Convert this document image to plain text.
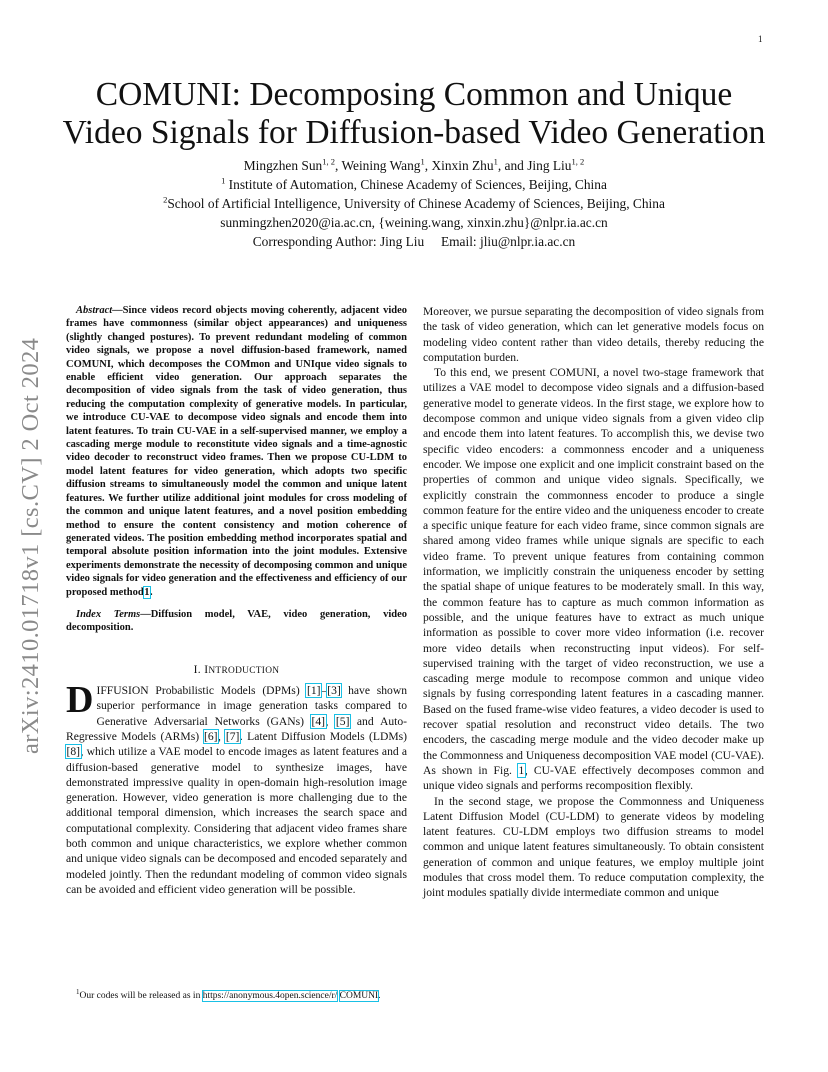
1
arXiv:2410.01718v1 [cs.CV] 2 Oct 2024
COMUNI: Decomposing Common and Unique
Video Signals for Diffusion-based Video Generation
Mingzhen Sun$^{1, 2}$, Weining Wang$^1$, Xinxin Zhu$^1$, and Jing Liu$^{1, 2}$
$^1$ Institute of Automation, Chinese Academy of Sciences, Beijing, China
$^2$School of Artificial Intelligence, University of Chinese Academy of Sciences, Beijing, China
sunmingzhen2020@ia.ac.cn, {weining.wang, xinxin.zhu}@nlpr.ia.ac.cn
Corresponding Author: Jing Liu     Email: jliu@nlpr.ia.ac.cn

Abstract—Since videos record objects moving coherently, adjacent video frames have commonness (similar object appearances) and uniqueness (slightly changed postures). To prevent redundant modeling of common video signals, we propose a novel diffusion-based framework, named COMUNI, which decomposes the COMmon and UNIque video signals to enable efficient video generation. Our approach separates the decomposition of video signals from the task of video generation, thus reducing the computation complexity of generative models. In particular, we introduce CU-VAE to decompose video signals and encode them into latent features. To train CU-VAE in a self-supervised manner, we employ a cascading merge module to reconstitute video signals and a time-agnostic video decoder to reconstruct video frames. Then we propose CU-LDM to model latent features for video generation, which adopts two specific diffusion streams to simultaneously model the common and unique latent features. We further utilize additional joint modules for cross modeling of the common and unique latent features, and a novel position embedding method to ensure the content consistency and motion coherence of generated videos. The position embedding method incorporates spatial and temporal absolute position information into the joint modules. Extensive experiments demonstrate the necessity of decomposing common and unique video signals for video generation and the effectiveness and efficiency of our proposed method1.

Index Terms—Diffusion model, VAE, video generation, video decomposition.

I. INTRODUCTION

DIFFUSION Probabilistic Models (DPMs) [1]–[3] have shown superior performance in image generation tasks compared to Generative Adversarial Networks (GANs) [4], [5] and Auto-Regressive Models (ARMs) [6], [7]. Latent Diffusion Models (LDMs) [8], which utilize a VAE model to encode images as latent features and a diffusion-based generative model to synthesize images, have demonstrated impressive quality in open-domain high-resolution image generation. However, video generation is more challenging due to the additional temporal dimension, which increases the search space and computational complexity. Considering that adjacent video frames share both common and unique characteristics, we explore whether common and unique video signals can be decomposed and encoded separately and modeled jointly. Then the redundant modeling of common video signals can be avoided and efficient video generation will be possible.

$^1$Our codes will be released as in https://anonymous.4open.science/r/ COMUNI.

Moreover, we pursue separating the decomposition of video signals from the task of video generation, which can let generative models focus on modeling video content rather than video details, thereby reducing the computation burden.

To this end, we present COMUNI, a novel two-stage framework that utilizes a VAE model to decompose video signals and a diffusion-based generative model to generate videos. In the first stage, we explore how to decompose common and unique video signals from a given video clip and encode them into latent features. To accomplish this, we devise two specific video encoders: a commonness encoder and a uniqueness encoder. We impose one explicit and one implicit constraint based on the properties of common and unique video signals. Specifically, we explicitly constrain the commonness encoder to produce a single common feature for the entire video and the uniqueness encoder to create a specific unique feature for each video frame, since common signals are shared among video frames while unique signals are specific to each video frame. To prevent unique features from containing common information, we implicitly constrain the uniqueness encoder by setting the spatial shape of unique features to be moderately small. In this way, the common feature has to capture as much common information as possible, and the unique features have to extract as much unique information as possible to cover more video information (i.e. recover more video details when reconstructing input videos). For self-supervised training with the target of video reconstruction, we use a cascading merge module to recompose common and unique video signals by fusing corresponding latent features in a cascading manner. Based on the fused frame-wise video features, a video decoder is used to recover spatial resolution and reconstruct video details. The two encoders, the cascading merge module and the video decoder make up the Commonness and Uniqueness decomposition VAE model (CU-VAE). As shown in Fig. 1, CU-VAE effectively decomposes common and unique video signals and performs recomposition flexibly.

In the second stage, we propose the Commonness and Uniqueness Latent Diffusion Model (CU-LDM) to generate videos by modeling latent features. CU-LDM employs two diffusion streams to model common and unique latent features simultaneously. To obtain consistent generation of common and unique features, we employ multiple joint modules that cross model them. To reduce computation complexity, the joint modules spatially divide intermediate common and unique
